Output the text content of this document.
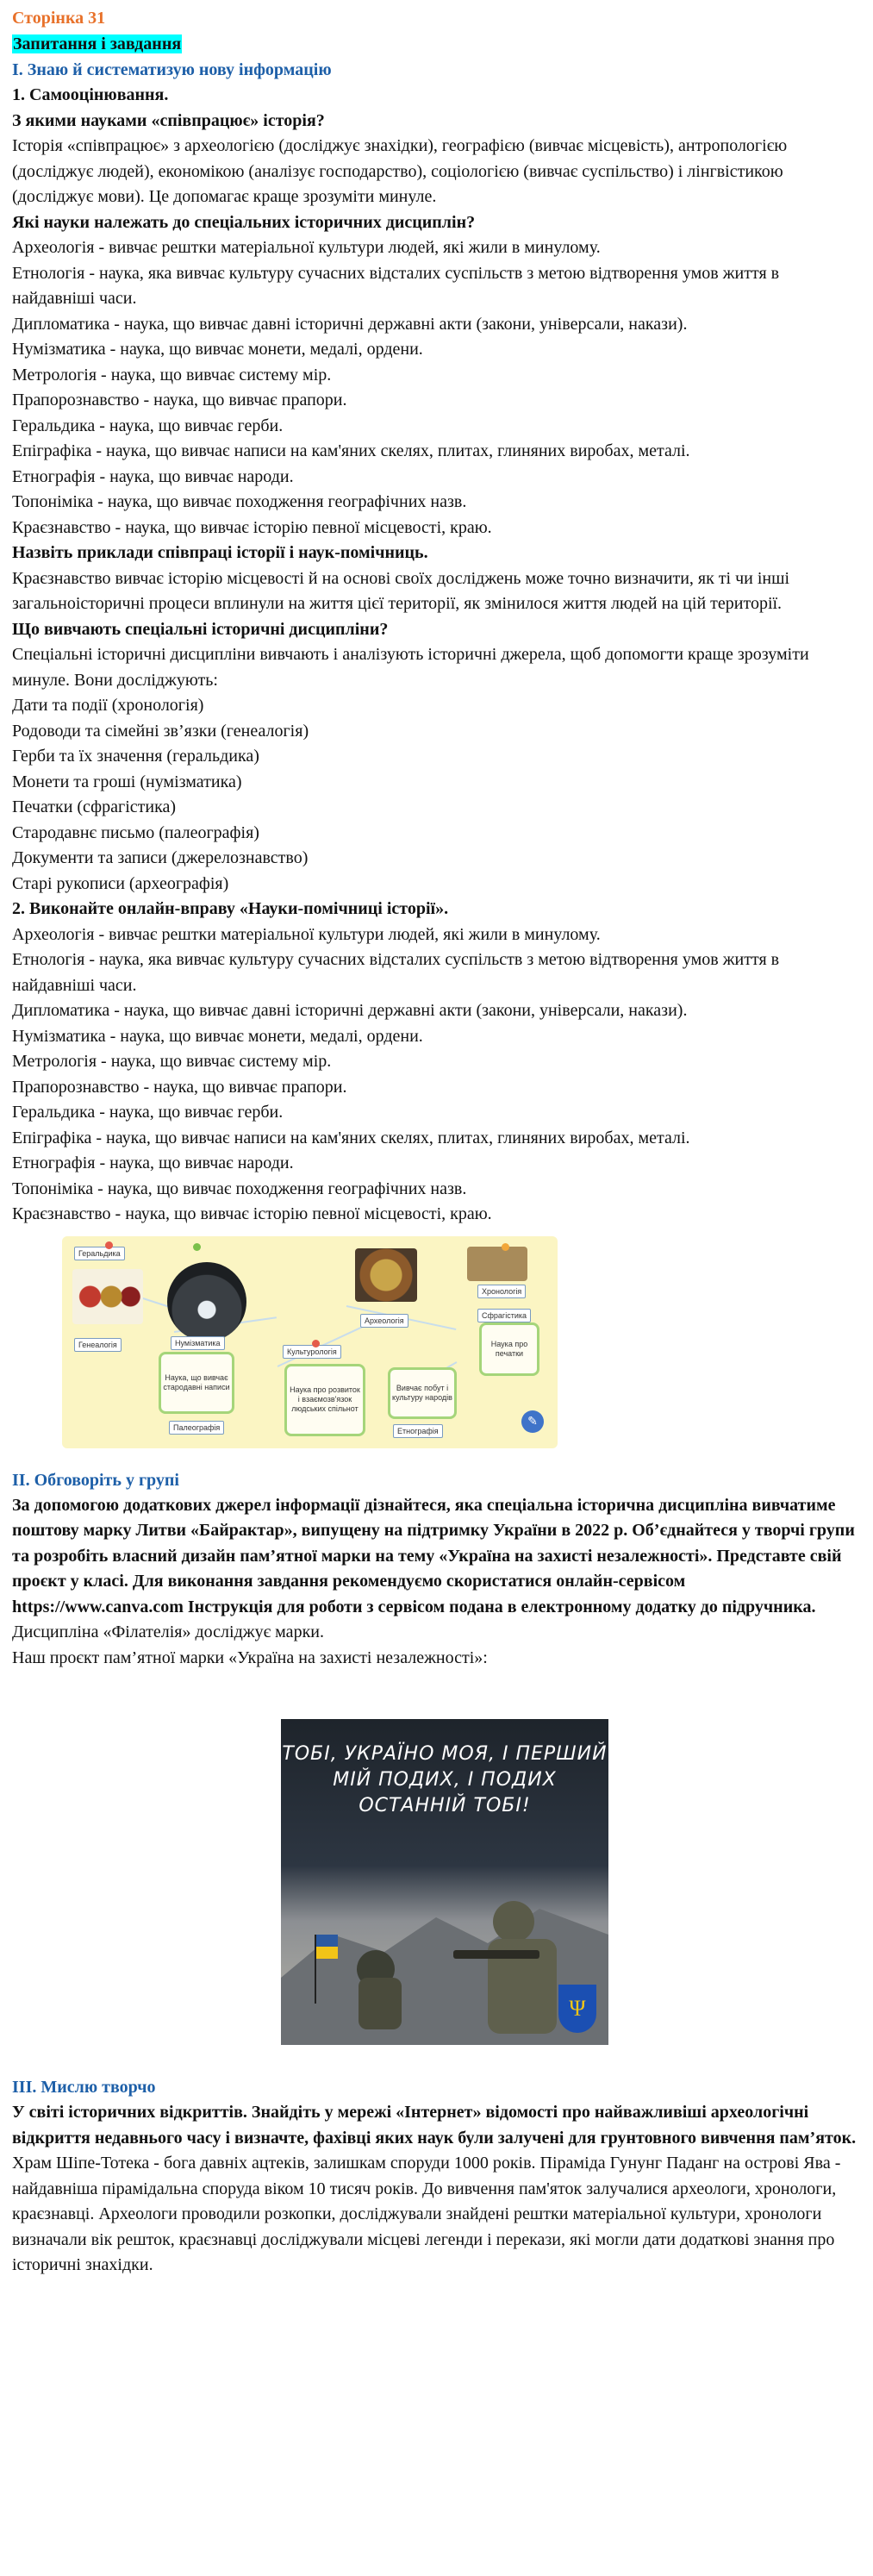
Сторінка 31
Запитання і завдання
І. Знаю й систематизую нову інформацію

1. Самооцінювання.

З якими науками «співпрацює» історія?

Історія «співпрацює» з археологією (досліджує знахідки), географією (вивчає місцевість), антропологією (досліджує людей), економікою (аналізує господарство), соціологією (вивчає суспільство) і лінгвістикою (досліджує мови). Це допомагає краще зрозуміти минуле.

Які науки належать до спеціальних історичних дисциплін?

Археологія - вивчає рештки матеріальної культури людей, які жили в минулому.

Етнологія - наука, яка вивчає культуру сучасних відсталих суспільств з метою відтворення умов життя в найдавніші часи.

Дипломатика - наука, що вивчає давні історичні державні акти (закони, універсали, накази).

Нумізматика - наука, що вивчає монети, медалі, ордени.

Метрологія - наука, що вивчає систему мір.

Прапорознавство - наука, що вивчає прапори.

Геральдика - наука, що вивчає герби.

Епіграфіка - наука, що вивчає написи на кам'яних скелях, плитах, глиняних виробах, металі.

Етнографія - наука, що вивчає народи.

Топоніміка - наука, що вивчає походження географічних назв.

Краєзнавство - наука, що вивчає історію певної місцевості, краю.

Назвіть приклади співпраці історії і наук-помічниць.

Краєзнавство вивчає історію місцевості й на основі своїх досліджень може точно визначити, як ті чи інші загальноісторичні процеси вплинули на життя цієї території, як змінилося життя людей на цій території.

Що вивчають спеціальні історичні дисципліни?

Спеціальні історичні дисципліни вивчають і аналізують історичні джерела, щоб допомогти краще зрозуміти минуле. Вони досліджують:

Дати та події (хронологія)

Родоводи та сімейні зв’язки (генеалогія)

Герби та їх значення (геральдика)

Монети та гроші (нумізматика)

Печатки (сфрагістика)

Стародавнє письмо (палеографія)

Документи та записи (джерелознавство)

Старі рукописи (археографія)

2. Виконайте онлайн-вправу «Науки-помічниці історії».

Археологія - вивчає рештки матеріальної культури людей, які жили в минулому.

Етнологія - наука, яка вивчає культуру сучасних відсталих суспільств з метою відтворення умов життя в найдавніші часи.

Дипломатика - наука, що вивчає давні історичні державні акти (закони, універсали, накази).

Нумізматика - наука, що вивчає монети, медалі, ордени.

Метрологія - наука, що вивчає систему мір.

Прапорознавство - наука, що вивчає прапори.

Геральдика - наука, що вивчає герби.

Епіграфіка - наука, що вивчає написи на кам'яних скелях, плитах, глиняних виробах, металі.

Етнографія - наука, що вивчає народи.

Топоніміка - наука, що вивчає походження географічних назв.

Краєзнавство - наука, що вивчає історію певної місцевості, краю.

Наука, що вивчає стародавні написи	Наука про розвиток і взаємозв'язок людських спільнот
Вивчає побут і культуру народів
Наука про печатки
Геральдика
Генеалогія	Нумізматика
Палеографія
Культурологія
Археологія
Хронологія
Сфрагістика
Етнографія
✎
ІІ. Обговоріть у групі

За допомогою додаткових джерел інформації дізнайтеся, яка спеціальна історична дисципліна вивчатиме поштову марку Литви «Байрактар», випущену на підтримку України в 2022 р. Об’єднайтеся у творчі групи та розробіть власний дизайн пам’ятної марки на тему «Україна на захисті незалежності». Представте свій проєкт у класі. Для виконання завдання рекомендуємо скористатися онлайн-сервісом https://www.canva.com Інструкція для роботи з сервісом подана в електронному додатку до підручника.

Дисципліна «Філателія» досліджує марки.

Наш проєкт пам’ятної марки «Україна на захисті незалежності»:

ТОБІ, УКРАЇНО МОЯ, І ПЕРШИЙ МІЙ ПОДИХ, І ПОДИХ ОСТАННІЙ ТОБІ!
Ψ
ІІІ. Мислю творчо

У світі історичних відкриттів. Знайдіть у мережі «Інтернет» відомості про найважливіші археологічні відкриття недавнього часу і визначте, фахівці яких наук були залучені для грунтовного вивчення пам’яток.

Храм Шіпе-Тотека - бога давніх ацтеків, залишкам споруди 1000 років. Піраміда Гунунг Паданг на острові Ява - найдавніша пірамідальна споруда віком 10 тисяч років. До вивчення пам'яток залучалися археологи, хронологи, краєзнавці. Археологи проводили розкопки, досліджували знайдені рештки матеріальної культури, хронологи визначали вік решток, краєзнавці досліджували місцеві легенди і перекази, які могли дати додаткові знання про історичні знахідки.
